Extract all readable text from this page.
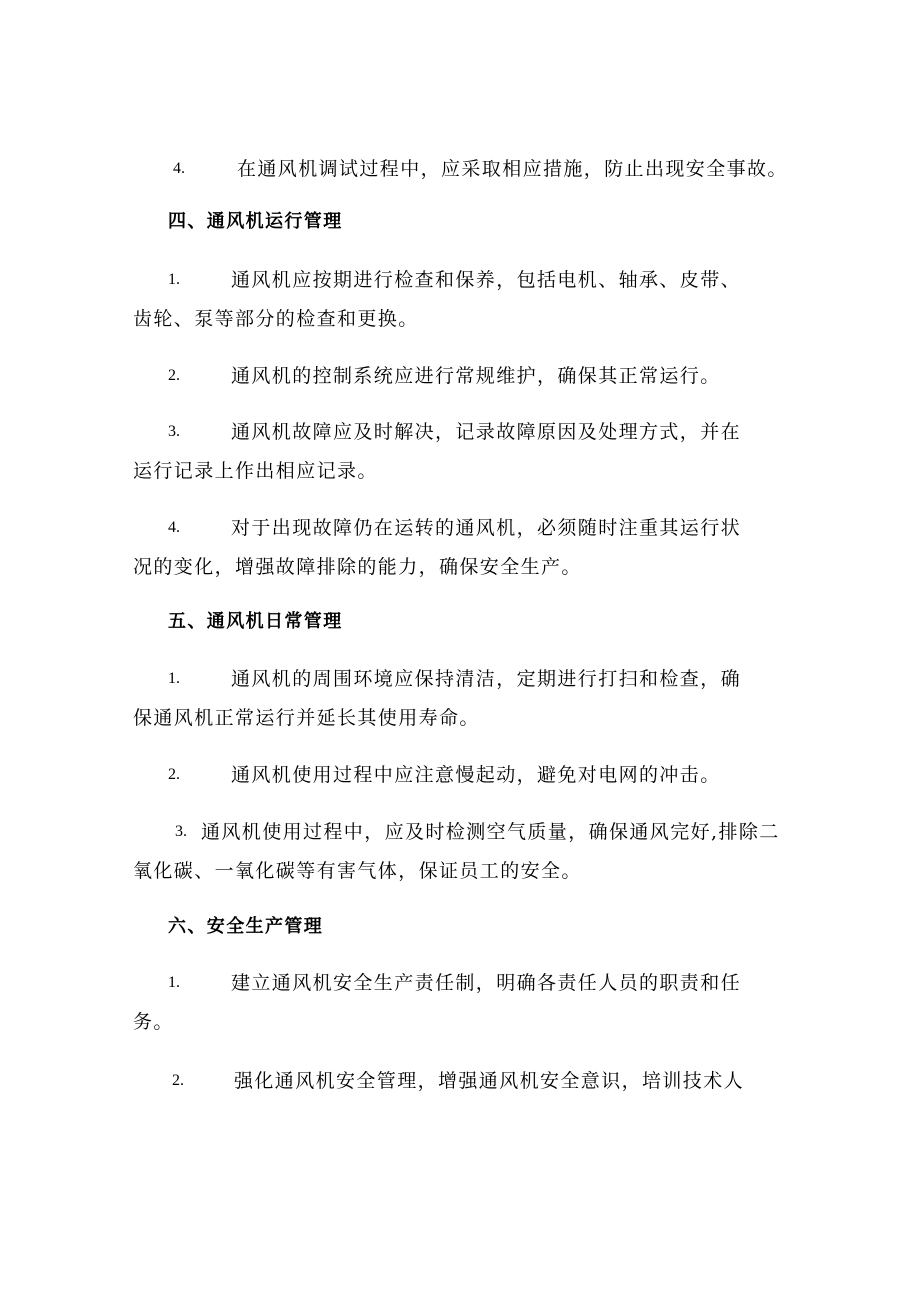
4.	在通风机调试过程中，应采取相应措施，防止出现安全事故。
四、通风机运行管理
1.	通风机应按期进行检查和保养，包括电机、轴承、皮带、
齿轮、泵等部分的检查和更换。
2.	通风机的控制系统应进行常规维护，确保其正常运行。
3.	通风机故障应及时解决，记录故障原因及处理方式，并在
运行记录上作出相应记录。
4.	对于出现故障仍在运转的通风机，必须随时注重其运行状
况的变化，增强故障排除的能力，确保安全生产。
五、通风机日常管理
1.	通风机的周围环境应保持清洁，定期进行打扫和检查，确
保通风机正常运行并延长其使用寿命。
2.	通风机使用过程中应注意慢起动，避免对电网的冲击。
3. 通风机使用过程中，应及时检测空气质量，确保通风完好,排除二
氧化碳、一氧化碳等有害气体，保证员工的安全。
六、安全生产管理
1.	建立通风机安全生产责任制，明确各责任人员的职责和任
务。
2.	强化通风机安全管理，增强通风机安全意识，培训技术人
